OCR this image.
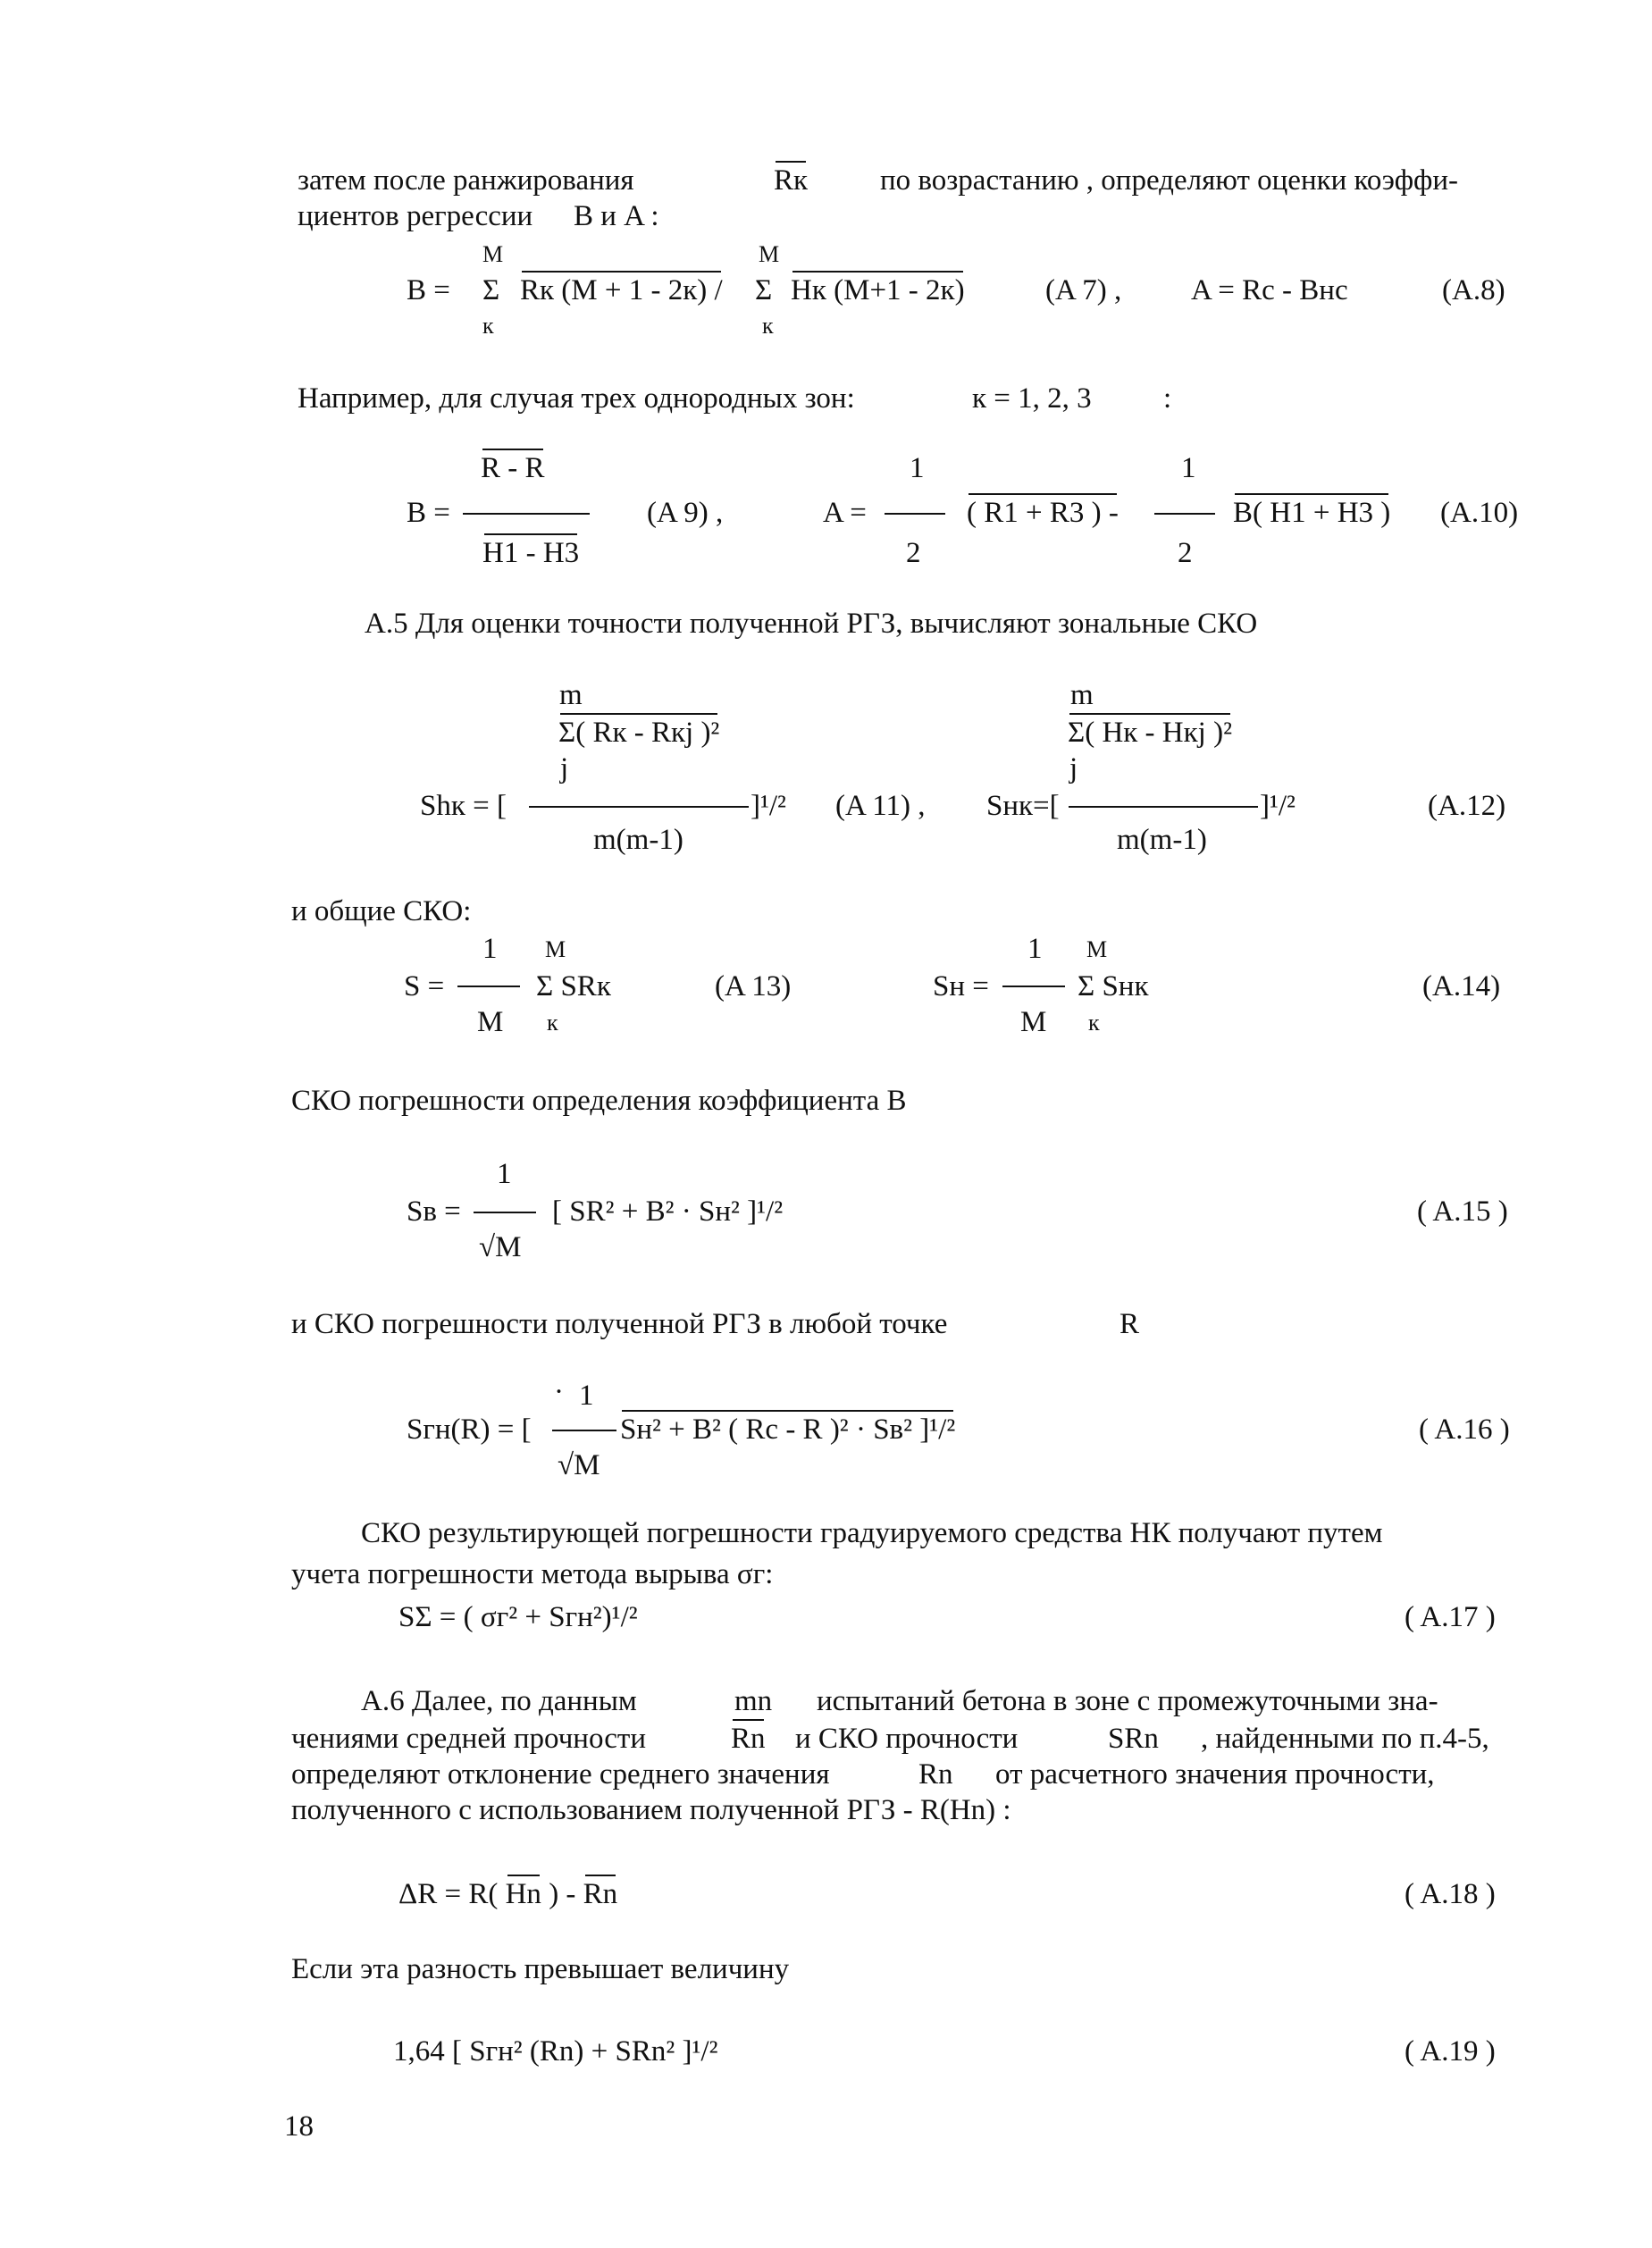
затем после ранжирования	Rк по возрастанию , определяют оценки коэффи-
циентов регрессии B и A :
M	M
B = Σ Rк (M + 1 - 2к) / Σ Hк (M+1 - 2к)	(A 7) , A = Rc - Bнc	(A.8)
к	к
Например, для случая трех однородных зон:	к = 1, 2, 3 :
R - R
B =	(A 9) ,
H1 - H3
1	1
A =	( R1 + R3 ) -	B( H1 + H3 ) (A.10)
2	2
A.5 Для оценки точности полученной РГЗ, вычисляют зональные СКО
m
Σ( Rк - Rкj )²
j
Shк = [	]¹/² (A 11) ,
m(m-1)
m
Σ( Hк - Hкj )²
j
Sнк=[	]¹/²	(A.12)
m(m-1)
и общие СКО:
1 M
S =	Σ SRк	(A 13)
M к
1 M
Sн =	Σ Sнк	(A.14)
M к
СКО погрешности определения коэффициента B
1
Sв =	[ SR² + B² · Sн² ]¹/²	( A.15 )
√M
и СКО погрешности полученной РГЗ в любой точке	R
· 1
Sгн(R) = [	Sн² + B² ( Rc - R )² · Sв² ]¹/²	( A.16 )
√M
СКО результирующей погрешности градуируемого средства НК получают путем
учета погрешности метода вырыва σг:
SΣ = ( σг² + Sгн²)¹/²	( A.17 )
A.6 Далее, по данным	mn испытаний бетона в зоне с промежуточными зна-
чениями средней прочности	Rn и СКО прочности	SRn , найденными по п.4-5,
определяют отклонение среднего значения	Rn от расчетного значения прочности,
полученного с использованием полученной РГЗ - R(Hn) :
ΔR = R( Hn ) - Rn	( A.18 )
Если эта разность превышает величину
1,64 [ Sгн² (Rn) + SRn² ]¹/²	( A.19 )
18
